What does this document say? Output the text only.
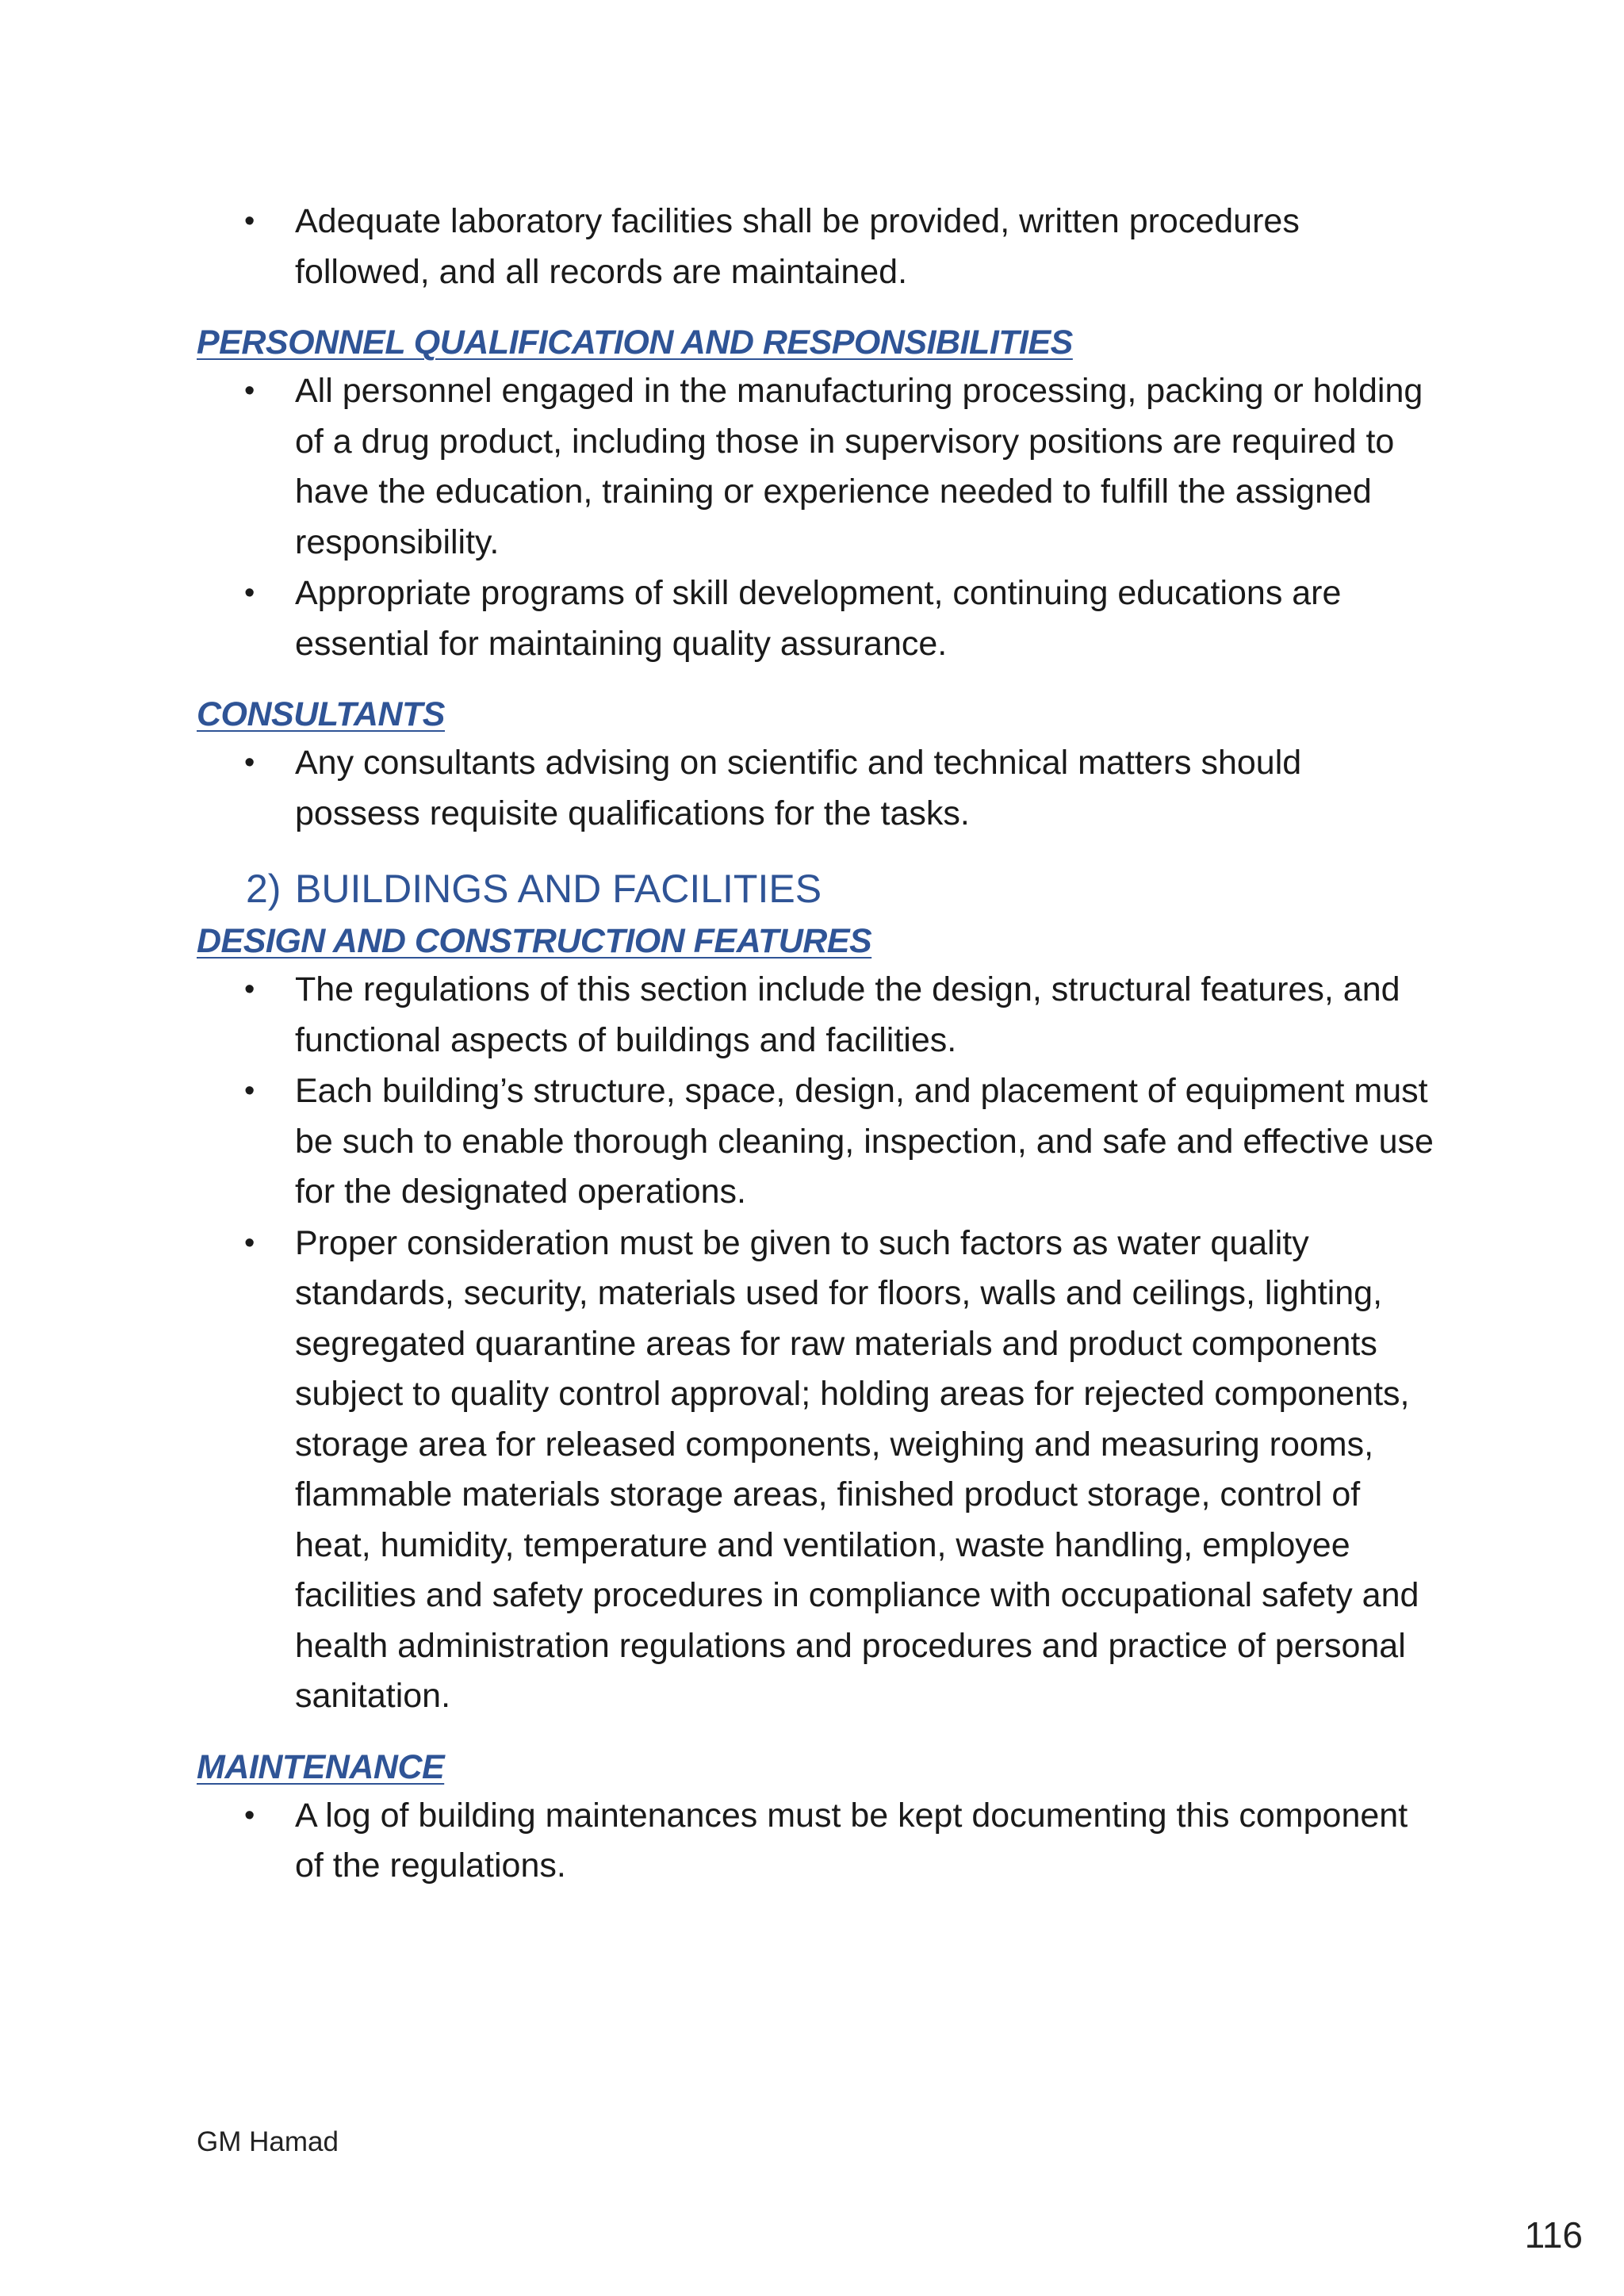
• Adequate laboratory facilities shall be provided, written procedures followed, and all records are maintained.
PERSONNEL QUALIFICATION AND RESPONSIBILITIES
• All personnel engaged in the manufacturing processing, packing or holding of a drug product, including those in supervisory positions are required to have the education, training or experience needed to fulfill the assigned responsibility.
• Appropriate programs of skill development, continuing educations are essential for maintaining quality assurance.
CONSULTANTS
• Any consultants advising on scientific and technical matters should possess requisite qualifications for the tasks.
2) BUILDINGS AND FACILITIES
DESIGN AND CONSTRUCTION FEATURES
• The regulations of this section include the design, structural features, and functional aspects of buildings and facilities.
• Each building’s structure, space, design, and placement of equipment must be such to enable thorough cleaning, inspection, and safe and effective use for the designated operations.
• Proper consideration must be given to such factors as water quality standards, security, materials used for floors, walls and ceilings, lighting, segregated quarantine areas for raw materials and product components subject to quality control approval; holding areas for rejected components, storage area for released components, weighing and measuring rooms, flammable materials storage areas, finished product storage, control of heat, humidity, temperature and ventilation, waste handling, employee facilities and safety procedures in compliance with occupational safety and health administration regulations and procedures and practice of personal sanitation.
MAINTENANCE
• A log of building maintenances must be kept documenting this component of the regulations.
GM Hamad
116
